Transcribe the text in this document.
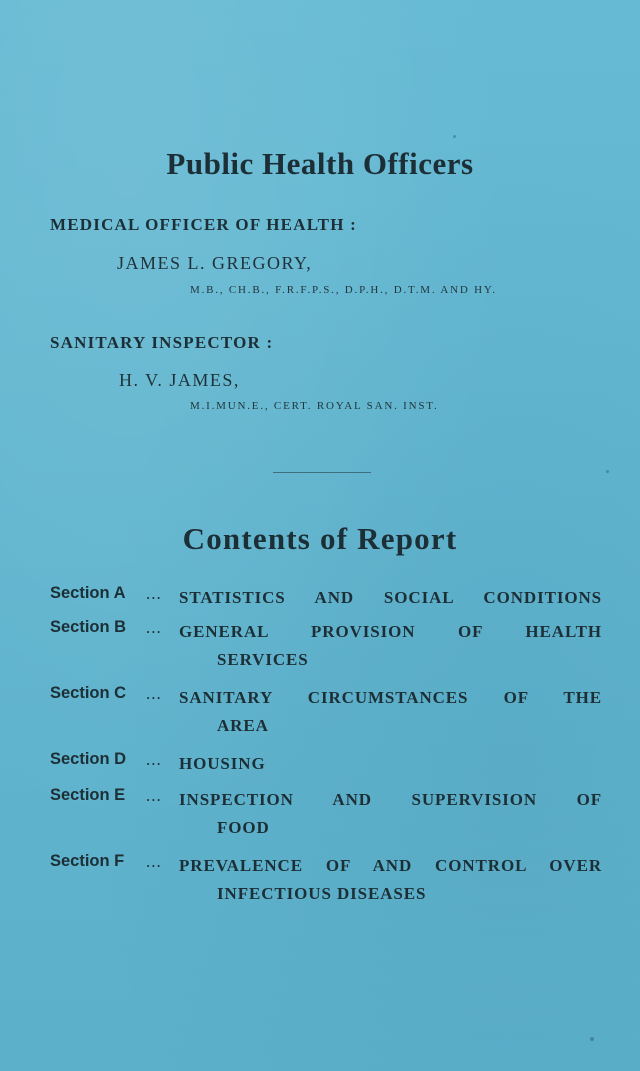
Public Health Officers
MEDICAL OFFICER OF HEALTH :
JAMES L. GREGORY,
M.B., CH.B., F.R.F.P.S., D.P.H., D.T.M. AND HY.
SANITARY INSPECTOR :
H. V. JAMES,
M.I.MUN.E., CERT. ROYAL SAN. INST.
Contents of Report
Section A	...	STATISTICS AND SOCIAL CONDITIONS
Section B	...	GENERAL PROVISION OF HEALTH
SERVICES
Section C	...	SANITARY CIRCUMSTANCES OF THE
AREA
Section D	...	HOUSING
Section E	...	INSPECTION AND SUPERVISION OF
FOOD
Section F	...	PREVALENCE OF AND CONTROL OVER
INFECTIOUS DISEASES
